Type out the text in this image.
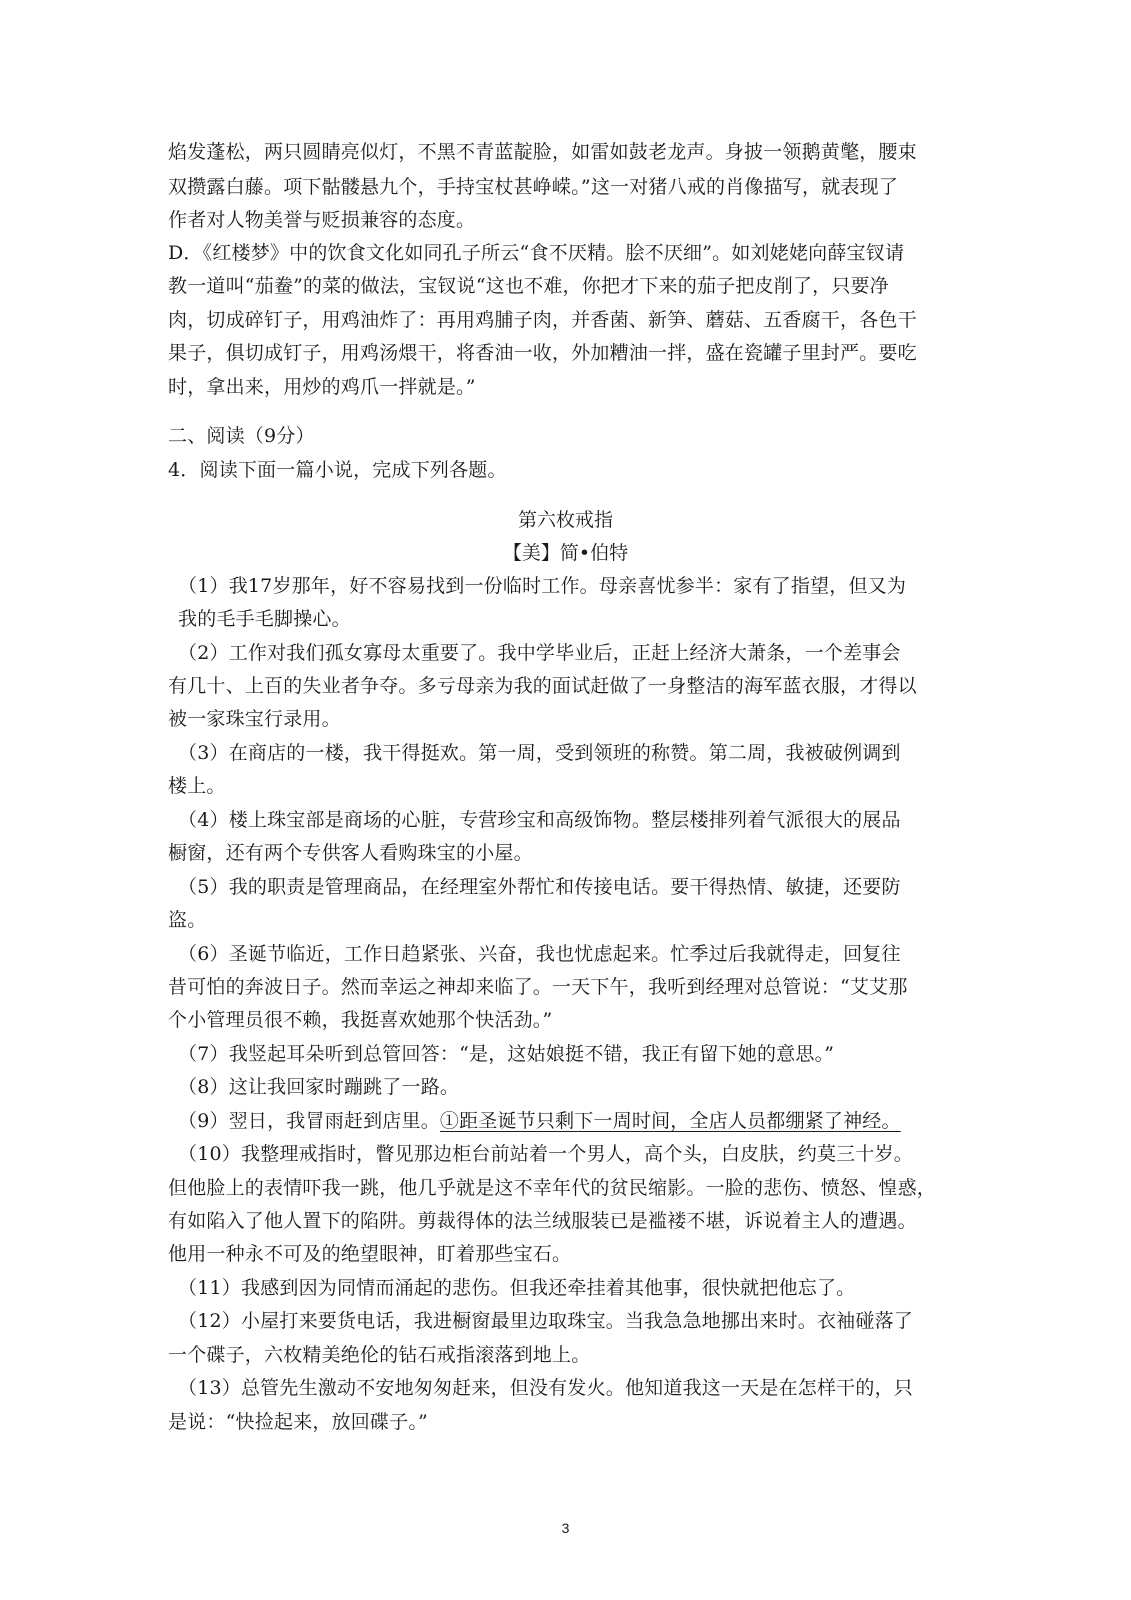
焰发蓬松，两只圆睛亮似灯，不黑不青蓝靛脸，如雷如鼓老龙声。身披一领鹅黄氅，腰束
双攒露白藤。项下骷髅悬九个，手持宝杖甚峥嵘。”这一对猪八戒的肖像描写，就表现了
作者对人物美誉与贬损兼容的态度。
D．《红楼梦》中的饮食文化如同孔子所云“食不厌精。脍不厌细”。如刘姥姥向薛宝钗请
教一道叫“茄鲞”的菜的做法，宝钗说“这也不难，你把才下来的茄子把皮削了，只要净
肉，切成碎钉子，用鸡油炸了：再用鸡脯子肉，并香菌、新笋、蘑菇、五香腐干，各色干
果子，俱切成钉子，用鸡汤煨干，将香油一收，外加糟油一拌，盛在瓷罐子里封严。要吃
时，拿出来，用炒的鸡爪一拌就是。”
二、阅读（9分）
4．阅读下面一篇小说，完成下列各题。
第六枚戒指
【美】简•伯特
（1）我17岁那年，好不容易找到一份临时工作。母亲喜忧参半：家有了指望，但又为
我的毛手毛脚操心。
（2）工作对我们孤女寡母太重要了。我中学毕业后，正赶上经济大萧条，一个差事会
有几十、上百的失业者争夺。多亏母亲为我的面试赶做了一身整洁的海军蓝衣服，才得以
被一家珠宝行录用。
（3）在商店的一楼，我干得挺欢。第一周，受到领班的称赞。第二周，我被破例调到
楼上。
（4）楼上珠宝部是商场的心脏，专营珍宝和高级饰物。整层楼排列着气派很大的展品
橱窗，还有两个专供客人看购珠宝的小屋。
（5）我的职责是管理商品，在经理室外帮忙和传接电话。要干得热情、敏捷，还要防
盗。
（6）圣诞节临近，工作日趋紧张、兴奋，我也忧虑起来。忙季过后我就得走，回复往
昔可怕的奔波日子。然而幸运之神却来临了。一天下午，我听到经理对总管说：“艾艾那
个小管理员很不赖，我挺喜欢她那个快活劲。”
（7）我竖起耳朵听到总管回答：“是，这姑娘挺不错，我正有留下她的意思。”
（8）这让我回家时蹦跳了一路。
（9）翌日，我冒雨赶到店里。①距圣诞节只剩下一周时间，全店人员都绷紧了神经。
（10）我整理戒指时，瞥见那边柜台前站着一个男人，高个头，白皮肤，约莫三十岁。
但他脸上的表情吓我一跳，他几乎就是这不幸年代的贫民缩影。一脸的悲伤、愤怒、惶惑，
有如陷入了他人置下的陷阱。剪裁得体的法兰绒服装已是褴褛不堪，诉说着主人的遭遇。
他用一种永不可及的绝望眼神，盯着那些宝石。
（11）我感到因为同情而涌起的悲伤。但我还牵挂着其他事，很快就把他忘了。
（12）小屋打来要货电话，我进橱窗最里边取珠宝。当我急急地挪出来时。衣袖碰落了
一个碟子，六枚精美绝伦的钻石戒指滚落到地上。
（13）总管先生激动不安地匆匆赶来，但没有发火。他知道我这一天是在怎样干的，只
是说：“快捡起来，放回碟子。”
3
